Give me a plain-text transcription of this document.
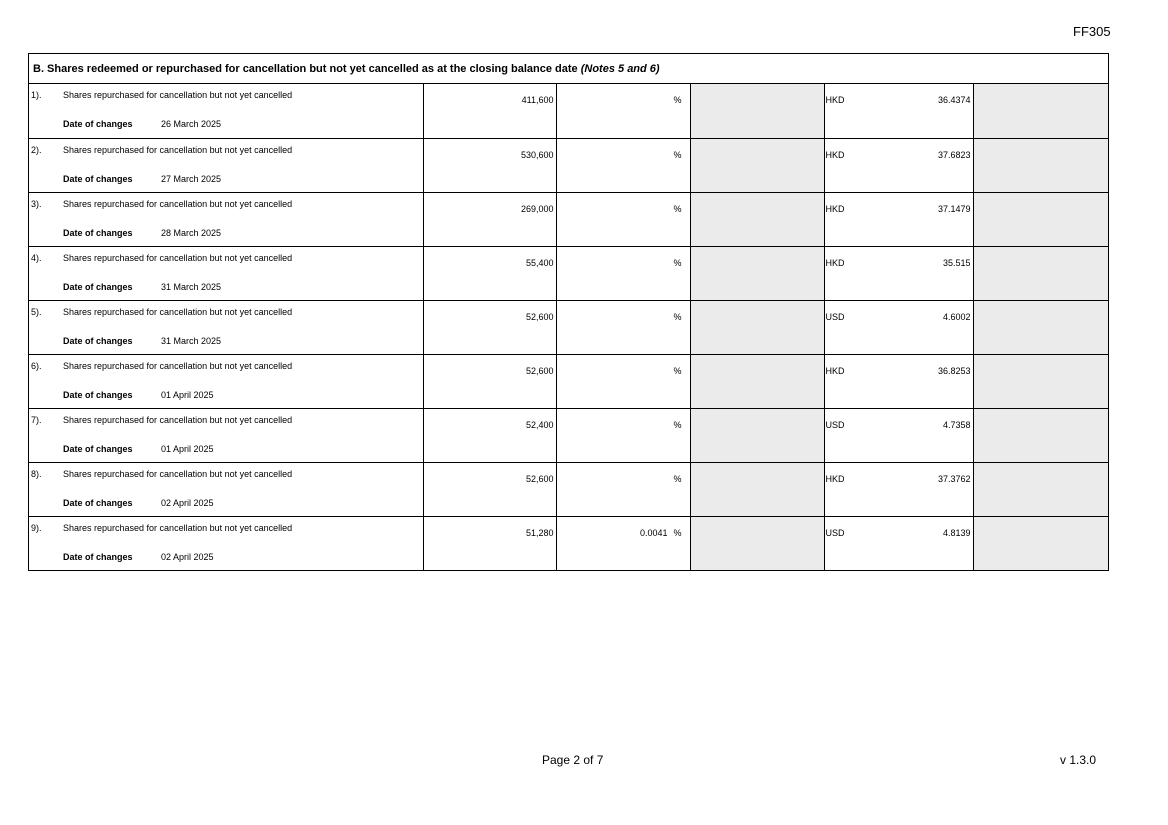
FF305
B. Shares redeemed or repurchased for cancellation but not yet cancelled as at the closing balance date (Notes 5 and 6)
1). Shares repurchased for cancellation but not yet cancelled
Date of changes 26 March 2025	411,600	%		HKD 36.4374	

2). Shares repurchased for cancellation but not yet cancelled
Date of changes 27 March 2025	530,600	%		HKD 37.6823	

3). Shares repurchased for cancellation but not yet cancelled
Date of changes 28 March 2025	269,000	%		HKD 37.1479	

4). Shares repurchased for cancellation but not yet cancelled
Date of changes 31 March 2025	55,400	%		HKD 35.515	

5). Shares repurchased for cancellation but not yet cancelled
Date of changes 31 March 2025	52,600	%		USD 4.6002	

6). Shares repurchased for cancellation but not yet cancelled
Date of changes 01 April 2025	52,600	%		HKD 36.8253	

7). Shares repurchased for cancellation but not yet cancelled
Date of changes 01 April 2025	52,400	%		USD 4.7358	

8). Shares repurchased for cancellation but not yet cancelled
Date of changes 02 April 2025	52,600	%		HKD 37.3762	

9). Shares repurchased for cancellation but not yet cancelled
Date of changes 02 April 2025	51,280	0.0041 %		USD 4.8139	

Page 2 of 7	v 1.3.0
